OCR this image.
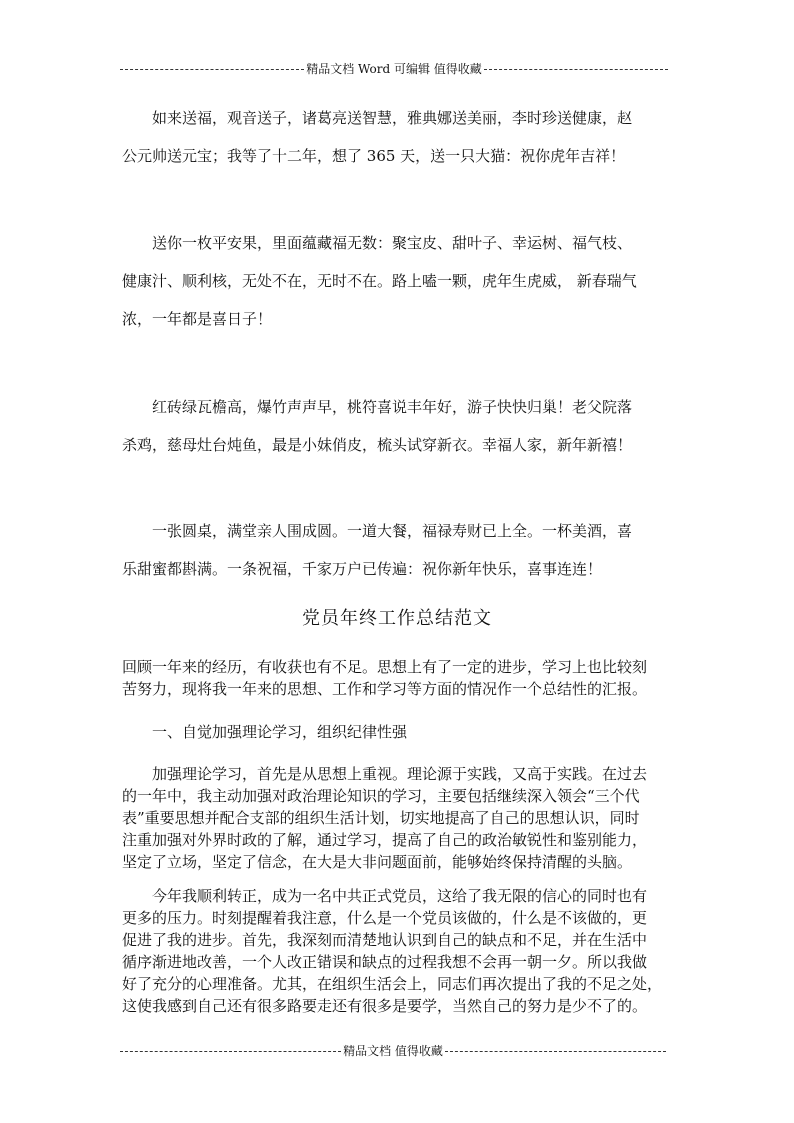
精品文档 Word 可编辑 值得收藏
　　如来送福，观音送子，诸葛亮送智慧，雅典娜送美丽，李时珍送健康，赵
公元帅送元宝；我等了十二年，想了 365 天，送一只大猫：祝你虎年吉祥！
　　送你一枚平安果，里面蕴藏福无数：聚宝皮、甜叶子、幸运树、福气枝、
健康汁、顺利核，无处不在，无时不在。路上嗑一颗，虎年生虎威， 新春瑞气
浓，一年都是喜日子！
　　红砖绿瓦檐高，爆竹声声早，桃符喜说丰年好，游子快快归巢！老父院落
杀鸡，慈母灶台炖鱼，最是小妹俏皮，梳头试穿新衣。幸福人家，新年新禧！
　　一张圆桌，满堂亲人围成圆。一道大餐，福禄寿财已上全。一杯美酒，喜
乐甜蜜都斟满。一条祝福，千家万户已传遍：祝你新年快乐，喜事连连！
党员年终工作总结范文
回顾一年来的经历，有收获也有不足。思想上有了一定的进步，学习上也比较刻
苦努力，现将我一年来的思想、工作和学习等方面的情况作一个总结性的汇报。
　　一、自觉加强理论学习，组织纪律性强
　　加强理论学习，首先是从思想上重视。理论源于实践，又高于实践。在过去
的一年中，我主动加强对政治理论知识的学习，主要包括继续深入领会“三个代
表”重要思想并配合支部的组织生活计划，切实地提高了自己的思想认识，同时
注重加强对外界时政的了解，通过学习，提高了自己的政治敏锐性和鉴别能力，
坚定了立场，坚定了信念，在大是大非问题面前，能够始终保持清醒的头脑。
　　今年我顺利转正，成为一名中共正式党员，这给了我无限的信心的同时也有
更多的压力。时刻提醒着我注意，什么是一个党员该做的，什么是不该做的，更
促进了我的进步。首先，我深刻而清楚地认识到自己的缺点和不足，并在生活中
循序渐进地改善，一个人改正错误和缺点的过程我想不会再一朝一夕。所以我做
好了充分的心理准备。尤其，在组织生活会上，同志们再次提出了我的不足之处，
这使我感到自己还有很多路要走还有很多是要学，当然自己的努力是少不了的。
精品文档 值得收藏
